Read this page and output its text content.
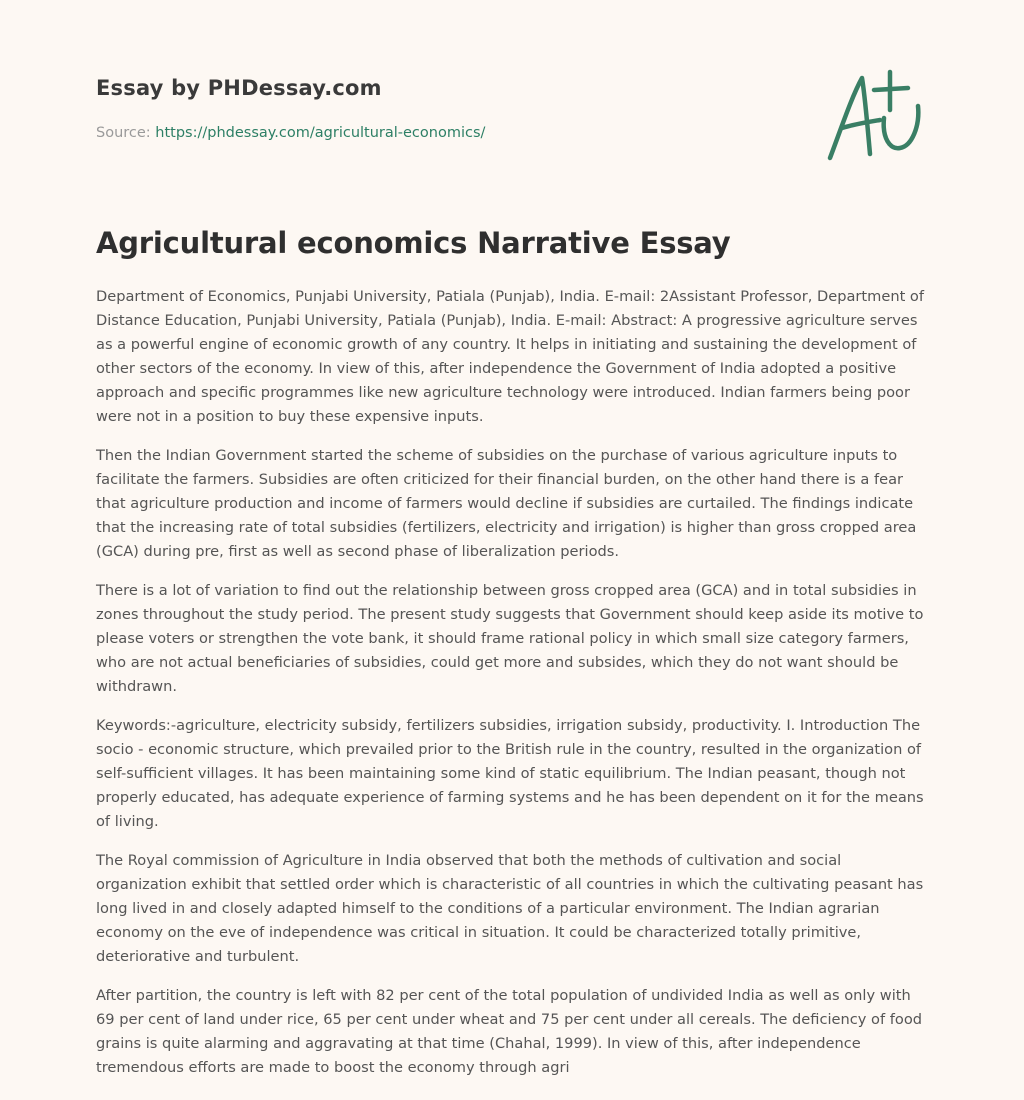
Essay by PHDessay.com
Source: https://phdessay.com/agricultural-economics/
Agricultural economics Narrative Essay

Department of Economics, Punjabi University, Patiala (Punjab), India. E-mail: 2Assistant Professor, Department of Distance Education, Punjabi University, Patiala (Punjab), India. E-mail: Abstract: A progressive agriculture serves as a powerful engine of economic growth of any country. It helps in initiating and sustaining the development of other sectors of the economy. In view of this, after independence the Government of India adopted a positive approach and specific programmes like new agriculture technology were introduced. Indian farmers being poor were not in a position to buy these expensive inputs.

Then the Indian Government started the scheme of subsidies on the purchase of various agriculture inputs to facilitate the farmers. Subsidies are often criticized for their financial burden, on the other hand there is a fear that agriculture production and income of farmers would decline if subsidies are curtailed. The findings indicate that the increasing rate of total subsidies (fertilizers, electricity and irrigation) is higher than gross cropped area (GCA) during pre, first as well as second phase of liberalization periods.

There is a lot of variation to find out the relationship between gross cropped area (GCA) and in total subsidies in zones throughout the study period. The present study suggests that Government should keep aside its motive to please voters or strengthen the vote bank, it should frame rational policy in which small size category farmers, who are not actual beneficiaries of subsidies, could get more and subsides, which they do not want should be withdrawn.

Keywords:-agriculture, electricity subsidy, fertilizers subsidies, irrigation subsidy, productivity. I. Introduction The socio - economic structure, which prevailed prior to the British rule in the country, resulted in the organization of self-sufficient villages. It has been maintaining some kind of static equilibrium. The Indian peasant, though not properly educated, has adequate experience of farming systems and he has been dependent on it for the means of living.

The Royal commission of Agriculture in India observed that both the methods of cultivation and social organization exhibit that settled order which is characteristic of all countries in which the cultivating peasant has long lived in and closely adapted himself to the conditions of a particular environment. The Indian agrarian economy on the eve of independence was critical in situation. It could be characterized totally primitive, deteriorative and turbulent.

After partition, the country is left with 82 per cent of the total population of undivided India as well as only with 69 per cent of land under rice, 65 per cent under wheat and 75 per cent under all cereals. The deficiency of food grains is quite alarming and aggravating at that time (Chahal, 1999). In view of this, after independence tremendous efforts are made to boost the economy through agri
